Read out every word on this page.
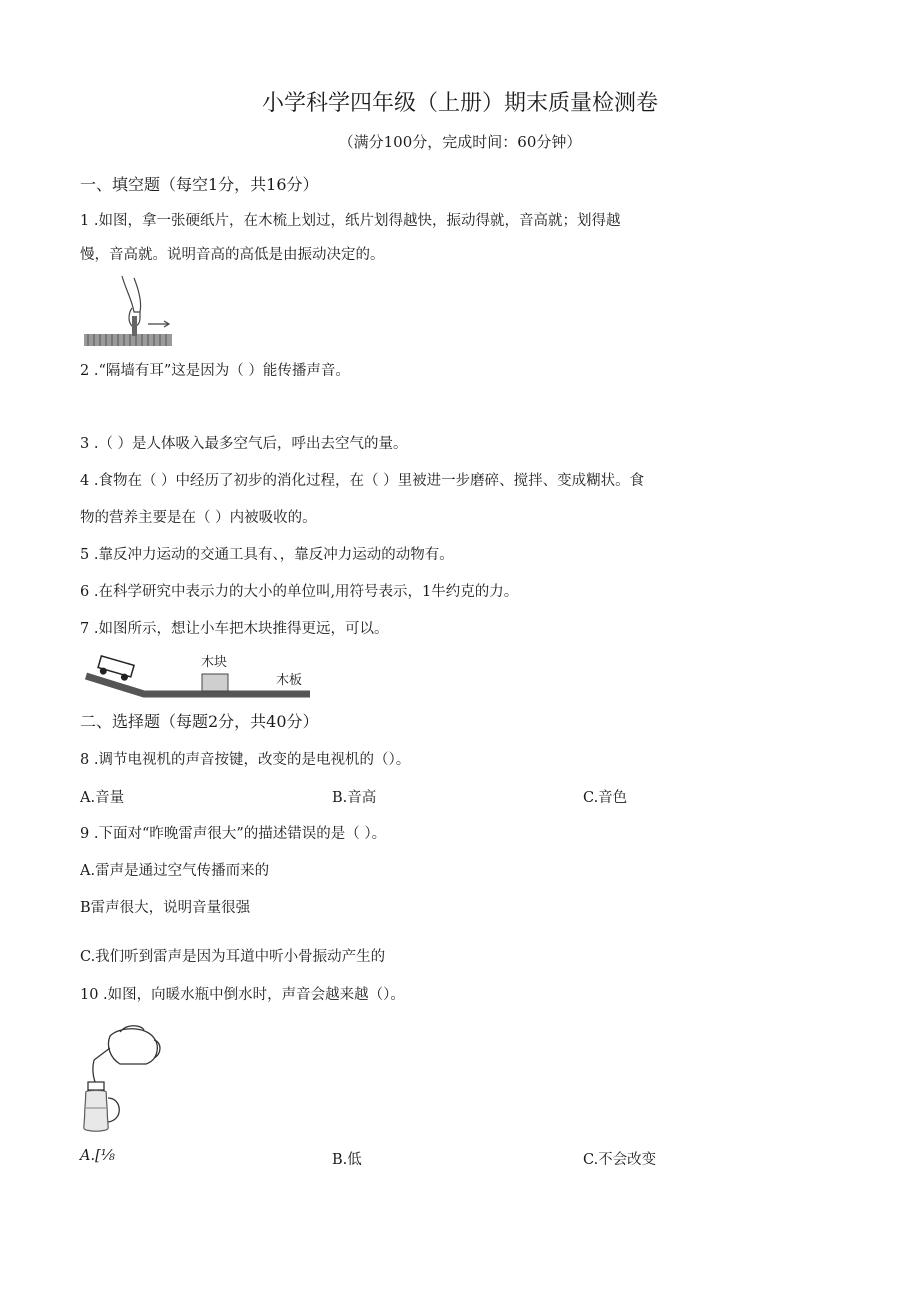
小学科学四年级（上册）期末质量检测卷
（满分100分，完成时间：60分钟）
一、填空题（每空1分，共16分）
1 .如图，拿一张硬纸片，在木梳上划过，纸片划得越快，振动得就，音高就；划得越
慢，音高就。说明音高的高低是由振动决定的。
2 .“隔墙有耳”这是因为（ ）能传播声音。
3 .（ ）是人体吸入最多空气后，呼出去空气的量。
4 .食物在（ ）中经历了初步的消化过程，在（ ）里被进一步磨碎、搅拌、变成糊状。食
物的营养主要是在（ ）内被吸收的。
5 .靠反冲力运动的交通工具有、，靠反冲力运动的动物有。
6 .在科学研究中表示力的大小的单位叫,用符号表示，1牛约克的力。
7 .如图所示，想让小车把木块推得更远，可以。
木块
木板
二、选择题（每题2分，共40分）
8 .调节电视机的声音按键，改变的是电视机的（）。
A.音量	B.音高	C.音色
9 .下面对“昨晚雷声很大”的描述错误的是（ ）。
A.雷声是通过空气传播而来的
B雷声很大，说明音量很强
C.我们听到雷声是因为耳道中听小骨振动产生的
10 .如图，向暖水瓶中倒水时，声音会越来越（）。
A.[⅛	B.低	C.不会改变
